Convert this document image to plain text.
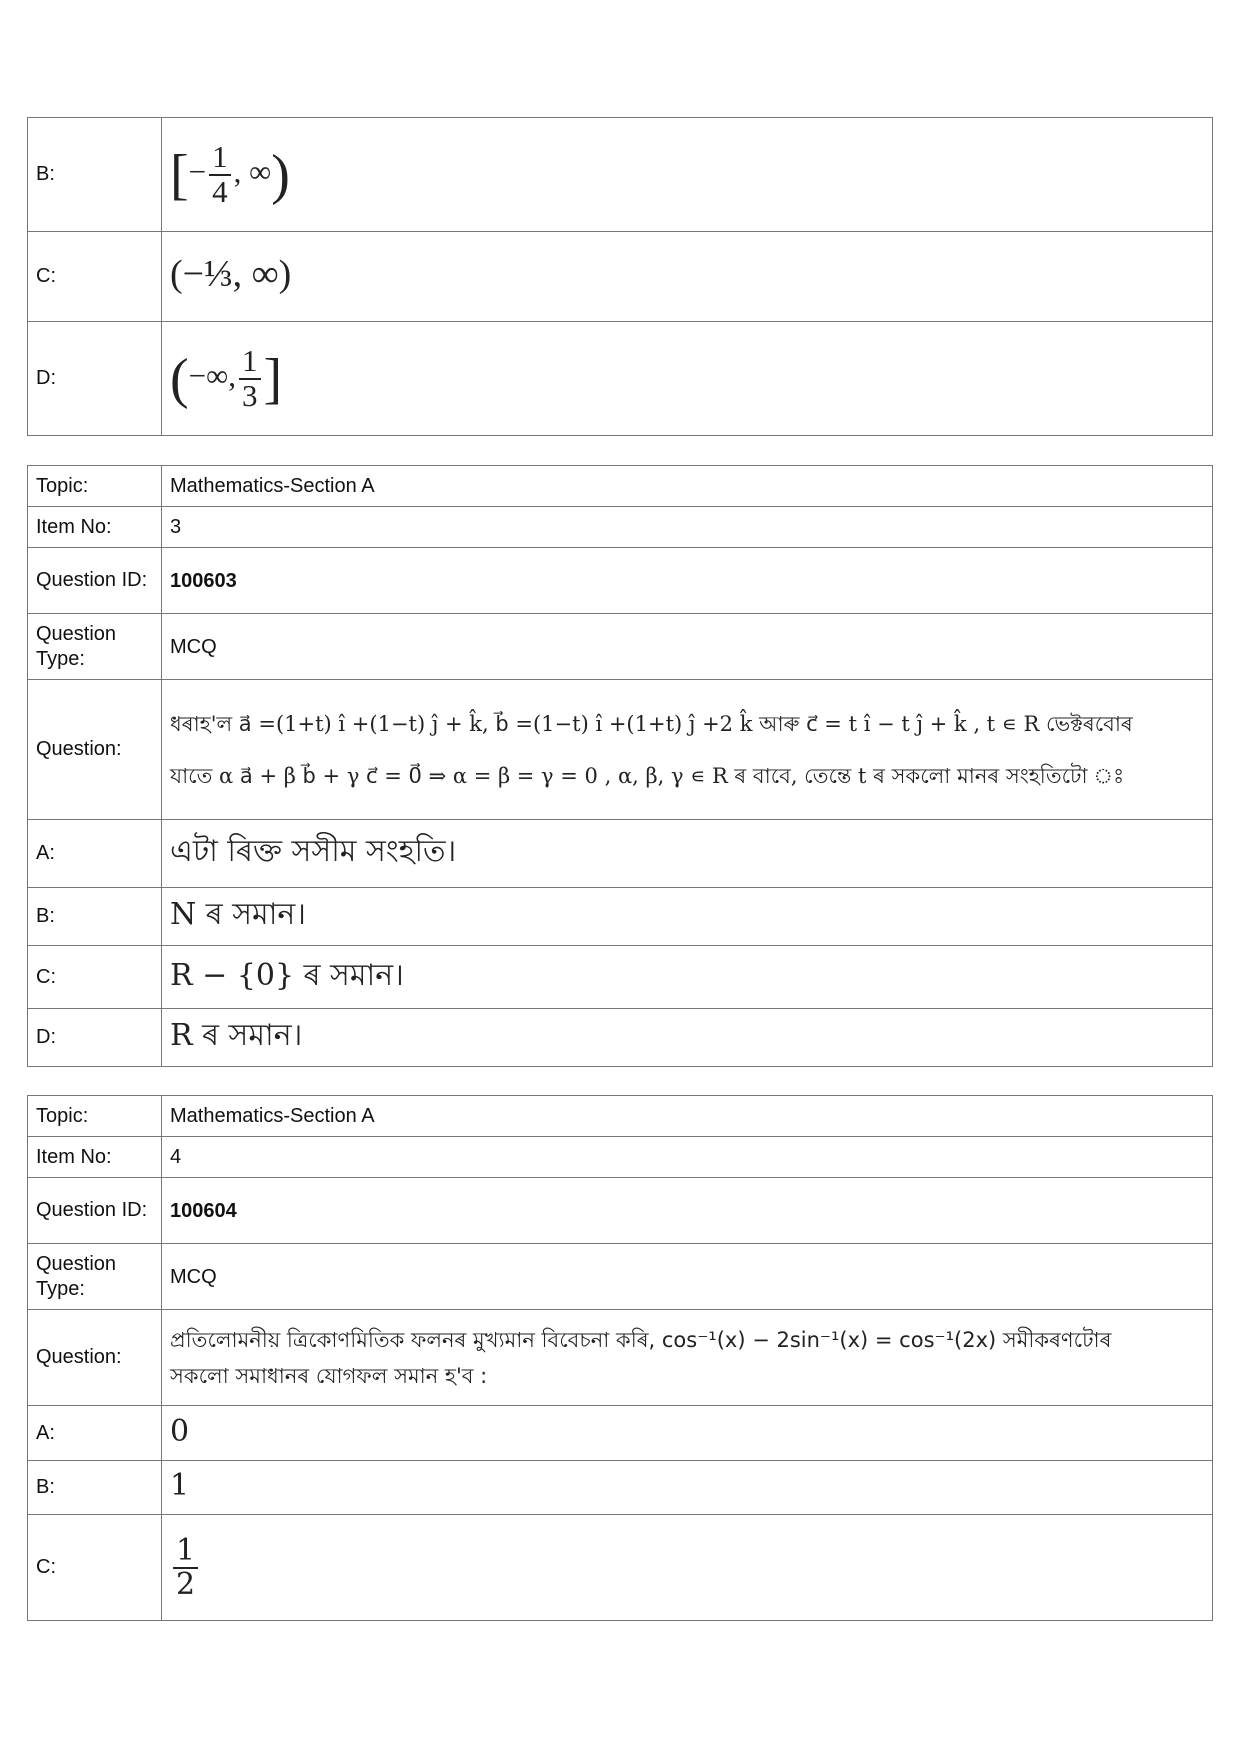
B:	[− $\frac{1}{4}$ , ∞)
C:	(−⅓, ∞)
D:	(−∞, $\frac{1}{3}$ ]
Topic:	Mathematics-Section A
Item No:	3
Question ID:	100603
Question Type:	MCQ
Question:	ধৰাহ'ল a⃗ =(1+t) î +(1−t) ĵ + k̂, b⃗ =(1−t) î +(1+t) ĵ +2 k̂ আৰু c⃗ = t î − t ĵ + k̂ , t ∊ R ভেক্টৰবোৰ
যাতে α a⃗ + β b⃗ + γ c⃗ = 0⃗ ⇒ α = β = γ = 0 , α, β, γ ∊ R ৰ বাবে, তেন্তে t ৰ সকলো মানৰ সংহতিটো ঃ

A:	এটা ৰিক্ত সসীম সংহতি।
B:	N ৰ সমান।
C:	R − {0} ৰ সমান।
D:	R ৰ সমান।
Topic:	Mathematics-Section A
Item No:	4
Question ID:	100604
Question Type:	MCQ
Question:	প্ৰতিলোমনীয় ত্ৰিকোণমিতিক ফলনৰ মুখ্যমান বিবেচনা কৰি, cos⁻¹(x) − 2sin⁻¹(x) = cos⁻¹(2x) সমীকৰণটোৰ
সকলো সমাধানৰ যোগফল সমান হ'ব :

A:	0
B:	1
C:	$\frac{1}{2}$
